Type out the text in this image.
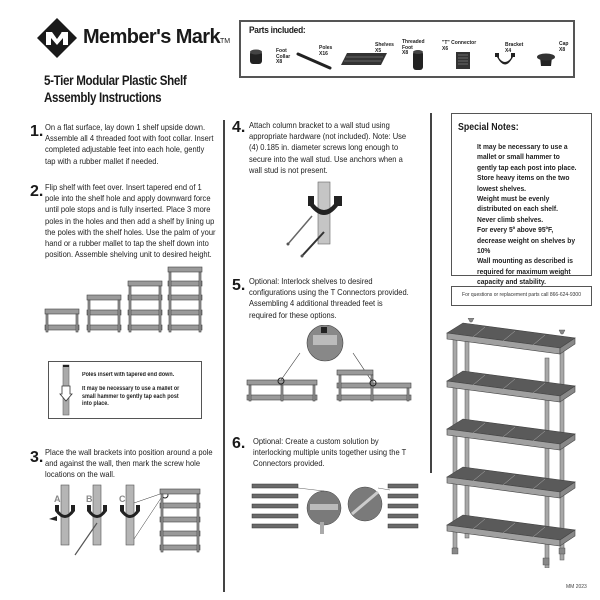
Member's MarkTM
5-Tier Modular Plastic Shelf
Assembly Instructions
Parts included:
Foot
Collar
X8
Poles
X16
Shelves
X5
Threaded
Foot
X8
"T" Connector
X6
Bracket
X4
Cap
X8
1. On a flat surface, lay down 1 shelf upside down. Assemble all 4 threaded foot with foot collar. Insert completed adjustable feet into each hole, gently tap with a rubber mallet if needed.
2. Flip shelf with feet over. Insert tapered end of 1 pole into the shelf hole and apply downward force until pole stops and is fully inserted. Place 3 more poles in the holes and then add a shelf by lining up the poles with the shelf holes. Use the palm of your hand or a rubber mallet to tap the shelf down into position. Assemble shelving unit to desired height.
Poles insert with tapered end down.
It may be necessary to use a mallet or small hammer to gently tap each post into place.
3. Place the wall brackets into position around a pole and against the wall, then mark the screw hole locations on the wall.
A	B	C
4. Attach column bracket to a wall stud using appropriate hardware (not included). Note: Use (4) 0.185 in. diameter screws long enough to secure into the wall stud. Use anchors when a wall stud is not present.
5. Optional: Interlock shelves to desired configurations using the T Connectors provided. Assembling 4 additional threaded feet is required for these options.
6. Optional: Create a custom solution by interlocking multiple units together using the T Connectors provided.
Special Notes:
It may be necessary to use a mallet or small hammer to gently tap each post into place.
Store heavy items on the two lowest shelves.
Weight must be evenly distributed on each shelf.
Never climb shelves.
For every 5º above 95ºF, decrease weight on shelves by 10%
Wall mounting as described is required for maximum weight capacity and stability.
For questions or replacement parts call 866-624-9300
MM 2023
